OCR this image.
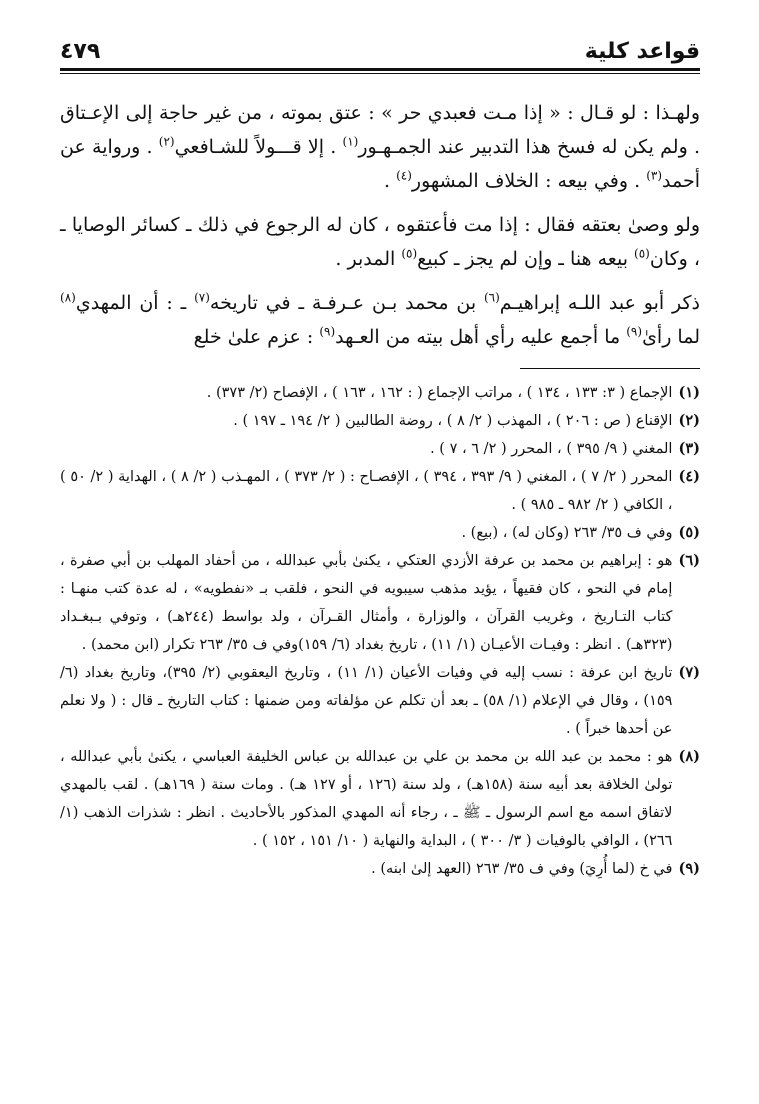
قواعد كلية
٤٧٩

ولهـذا : لو قـال : « إذا مـت فعبدي حر » : عتق بموته ، من غير حاجة إلى الإعـتاق . ولم يكن له فسخ هذا التدبير عند الجمـهـور$^{(١)}$ . إلا قـــولاً للشـافعي$^{(٢)}$ . ورواية عن أحمد$^{(٣)}$ . وفي بيعه : الخلاف المشهور$^{(٤)}$ .

ولو وصىٰ بعتقه فقال : إذا مت فأعتقوه ، كان له الرجوع في ذلك ـ كسائر الوصايا ـ ، وكان$^{(٥)}$ بيعه هنا ـ وإن لم يجز ـ كبيع$^{(٥)}$ المدبر .

ذكر أبو عبد اللـه إبراهيـم$^{(٦)}$ بن محمد بـن عـرفـة ـ في تاريخه$^{(٧)}$ ـ : أن المهدي$^{(٨)}$ لما رأىٰ$^{(٩)}$ ما أجمع عليه رأي أهل بيته من العـهد$^{(٩)}$ : عزم علىٰ خلع

(١)
الإجماع ( ٣: ١٣٣ ، ١٣٤ ) ، مراتب الإجماع ( : ١٦٢ ، ١٦٣ ) ، الإفصاح (٢/ ٣٧٣) .
(٢)
الإقناع ( ص : ٢٠٦ ) ، المهذب ( ٢/ ٨ ) ، روضة الطالبين ( ٢/ ١٩٤ ـ ١٩٧ ) .
(٣)
المغني ( ٩/ ٣٩٥ ) ، المحرر ( ٢/ ٦ ، ٧ ) .
(٤)
المحرر ( ٢/ ٧ ) ، المغني ( ٩/ ٣٩٣ ، ٣٩٤ ) ، الإفصـاح : ( ٢/ ٣٧٣ ) ، المهـذب ( ٢/ ٨ ) ، الهداية ( ٢/ ٥٠ ) ، الكافي ( ٢/ ٩٨٢ ـ ٩٨٥ ) .
(٥)
وفي ف ٣٥/ ٢٦٣ (وكان له) ، (بيع) .
(٦)
هو : إبراهيم بن محمد بن عرفة الأزدي العتكي ، يكنىٰ بأبي عبدالله ، من أحفاد المهلب بن أبي صفرة ، إمام في النحو ، كان فقيهاً ، يؤيد مذهب سيبويه في النحو ، فلقب بـ «نفطويه» ، له عدة كتب منهـا : كتاب التـاريخ ، وغريب القرآن ، والوزارة ، وأمثال القـرآن ، ولد بواسط (٢٤٤هـ) ، وتوفي بـبغـداد (٣٢٣هـ) . انظر : وفيـات الأعيـان (١/ ١١) ، تاريخ بغداد (٦/ ١٥٩)وفي ف ٣٥/ ٢٦٣ تكرار (ابن محمد) .
(٧)
تاريخ ابن عرفة : نسب إليه في وفيات الأعيان (١/ ١١) ، وتاريخ اليعقوبي (٢/ ٣٩٥)، وتاريخ بغداد (٦/ ١٥٩) ، وقال في الإعلام (١/ ٥٨) ـ بعد أن تكلم عن مؤلفاته ومن ضمنها : كتاب التاريخ ـ قال : ( ولا نعلم عن أحدها خبراً ) .
(٨)
هو : محمد بن عبد الله بن محمد بن علي بن عبدالله بن عباس الخليفة العباسي ، يكنىٰ بأبي عبدالله ، تولىٰ الخلافة بعد أبيه سنة (١٥٨هـ) ، ولد سنة (١٢٦ ، أو ١٢٧ هـ) . ومات سنة ( ١٦٩هـ) . لقب بالمهدي لاتفاق اسمه مع اسم الرسول ـ ﷺ ـ ، رجاء أنه المهدي المذكور بالأحاديث . انظر : شذرات الذهب (١/ ٢٦٦) ، الوافي بالوفيات ( ٣/ ٣٠٠ ) ، البداية والنهاية ( ١٠/ ١٥١ ، ١٥٢ ) .
(٩)
في خ (لما أُرِيَ) وفي ف ٣٥/ ٢٦٣ (العهد إلىٰ ابنه) .
